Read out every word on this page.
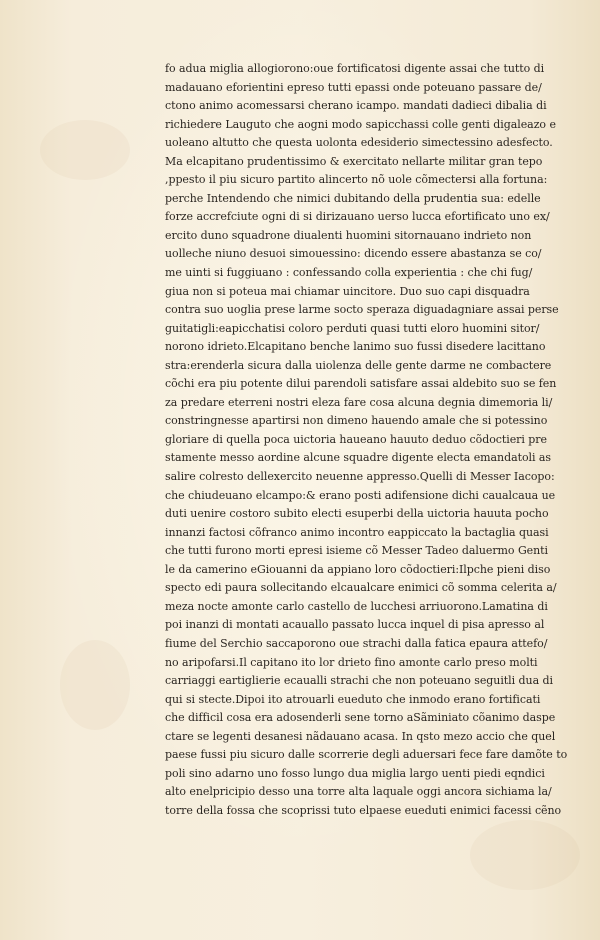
fo adua miglia allogiorono:oue fortificatosi digente assai che tutto di
madauano eforientini epreso tutti epassi onde poteuano passare de/
ctono animo acomessarsi cherano icampo. mandati dadieci dibalia di
richiedere Lauguto che aogni modo sapicchassi colle genti digaleazo e
uoleano altutto che questa uolonta edesiderio simectessino adesfecto.
Ma elcapitano prudentissimo & exercitato nellarte militar gran tepo
,ppesto il piu sicuro partito alincerto nõ uole cõmectersi alla fortuna:
perche Intendendo che nimici dubitando della prudentia sua: edelle
forze accrefciute ogni di si dirizauano uerso lucca efortificato uno ex/
ercito duno squadrone diualenti huomini sitornauano indrieto non
uolleche niuno desuoi simouessino: dicendo essere abastanza se co/
me uinti si fuggiuano : confessando colla experientia : che chi fug/
giua non si poteua mai chiamar uincitore. Duo suo capi disquadra
contra suo uoglia prese larme socto speraza diguadagniare assai perse
guitatigli:eapicchatisi coloro perduti quasi tutti eloro huomini sitor/
norono idrieto.Elcapitano benche lanimo suo fussi disedere lacittano
stra:erenderla sicura dalla uiolenza delle gente darme ne combactere
cõchi era piu potente dilui parendoli satisfare assai aldebito suo se fen
za predare eterreni nostri eleza fare cosa alcuna degnia dimemoria li/
constringnesse apartirsi non dimeno hauendo amale che si potessino
gloriare di quella poca uictoria haueano hauuto deduo cõdoctieri pre
stamente messo aordine alcune squadre digente electa emandatoli as
salire colresto dellexercito neuenne appresso.Quelli di Messer Iacopo:
che chiudeuano elcampo:& erano posti adifensione dichi caualcaua ue
duti uenire costoro subito electi esuperbi della uictoria hauuta pocho
innanzi factosi cõfranco animo incontro eappiccato la bactaglia quasi
che tutti furono morti epresi isieme cõ Messer Tadeo daluermo Genti
le da camerino eGiouanni da appiano loro cõdoctieri:Ilpche pieni diso
specto edi paura sollecitando elcaualcare enimici cõ somma celerita a/
meza nocte amonte carlo castello de lucchesi arriuorono.Lamatina di
poi inanzi di montati acauallo passato lucca inquel di pisa apresso al
fiume del Serchio saccaporono oue strachi dalla fatica epaura attefo/
no aripofarsi.Il capitano ito lor drieto fino amonte carlo preso molti
carriaggi eartiglierie ecaualli strachi che non poteuano seguitli dua di
qui si stecte.Dipoi ito atrouarli eueduto che inmodo erano fortificati
che difficil cosa era adosenderli sene torno aSãminiato cõanimo daspe
ctare se legenti desanesi nãdauano acasa. In qsto mezo accio che quel
paese fussi piu sicuro dalle scorrerie degli aduersari fece fare damõte to
poli sino adarno uno fosso lungo dua miglia largo uenti piedi eqndici
alto enelpricipio desso una torre alta laquale oggi ancora sichiama la/
torre della fossa che scoprissi tuto elpaese eueduti enimici facessi cẽno
